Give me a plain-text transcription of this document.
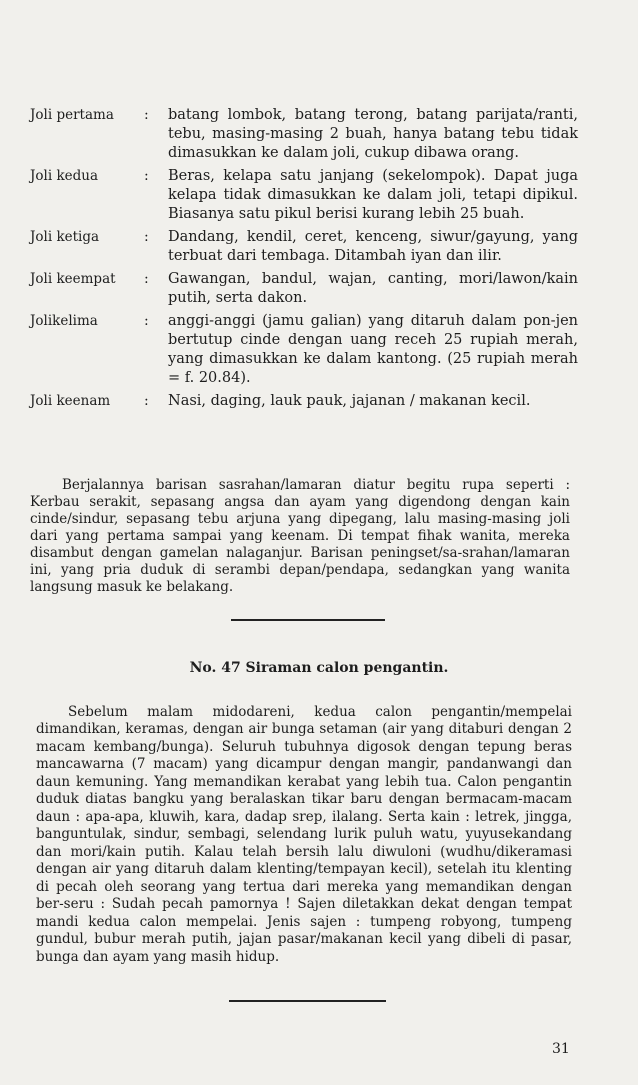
Joli pertama	:	batang lombok, batang terong, batang parijata/ranti, tebu, masing-masing 2 buah, hanya batang tebu tidak dimasukkan ke dalam joli, cukup dibawa orang.
Joli kedua	:	Beras, kelapa satu janjang (sekelompok). Dapat juga kelapa tidak dimasukkan ke dalam joli, tetapi dipikul. Biasanya satu pikul berisi kurang lebih 25 buah.
Joli ketiga	:	Dandang, kendil, ceret, kenceng, siwur/gayung, yang terbuat dari tembaga. Ditambah iyan dan ilir.
Joli keempat	:	Gawangan, bandul, wajan, canting, mori/lawon/kain putih, serta dakon.
Jolikelima	:	anggi-anggi (jamu galian) yang ditaruh dalam pon-jen bertutup cinde dengan uang receh 25 rupiah merah, yang dimasukkan ke dalam kantong. (25 rupiah merah = f. 20.84).
Joli keenam	:	Nasi, daging, lauk pauk, jajanan / makanan kecil.

Berjalannya barisan sasrahan/lamaran diatur begitu rupa seperti : Kerbau serakit, sepasang angsa dan ayam yang digendong dengan kain cinde/sindur, sepasang tebu arjuna yang dipegang, lalu masing-masing joli dari yang pertama sampai yang keenam. Di tempat fihak wanita, mereka disambut dengan gamelan nalaganjur. Barisan peningset/sa-srahan/lamaran ini, yang pria duduk di serambi depan/pendapa, sedangkan yang wanita langsung masuk ke belakang.

No. 47 Siraman calon pengantin.

Sebelum malam midodareni, kedua calon pengantin/mempelai dimandikan, keramas, dengan air bunga setaman (air yang ditaburi dengan 2 macam kembang/bunga). Seluruh tubuhnya digosok dengan tepung beras mancawarna (7 macam) yang dicampur dengan mangir, pandanwangi dan daun kemuning. Yang memandikan kerabat yang lebih tua. Calon pengantin duduk diatas bangku yang beralaskan tikar baru dengan bermacam-macam daun : apa-apa, kluwih, kara, dadap srep, ilalang. Serta kain : letrek, jingga, banguntulak, sindur, sembagi, selendang lurik puluh watu, yuyusekandang dan mori/kain putih. Kalau telah bersih lalu diwuloni (wudhu/dikeramasi dengan air yang ditaruh dalam klenting/tempayan kecil), setelah itu klenting di pecah oleh seorang yang tertua dari mereka yang memandikan dengan ber-seru : Sudah pecah pamornya ! Sajen diletakkan dekat dengan tempat mandi kedua calon mempelai. Jenis sajen : tumpeng robyong, tumpeng gundul, bubur merah putih, jajan pasar/makanan kecil yang dibeli di pasar, bunga dan ayam yang masih hidup.

31
